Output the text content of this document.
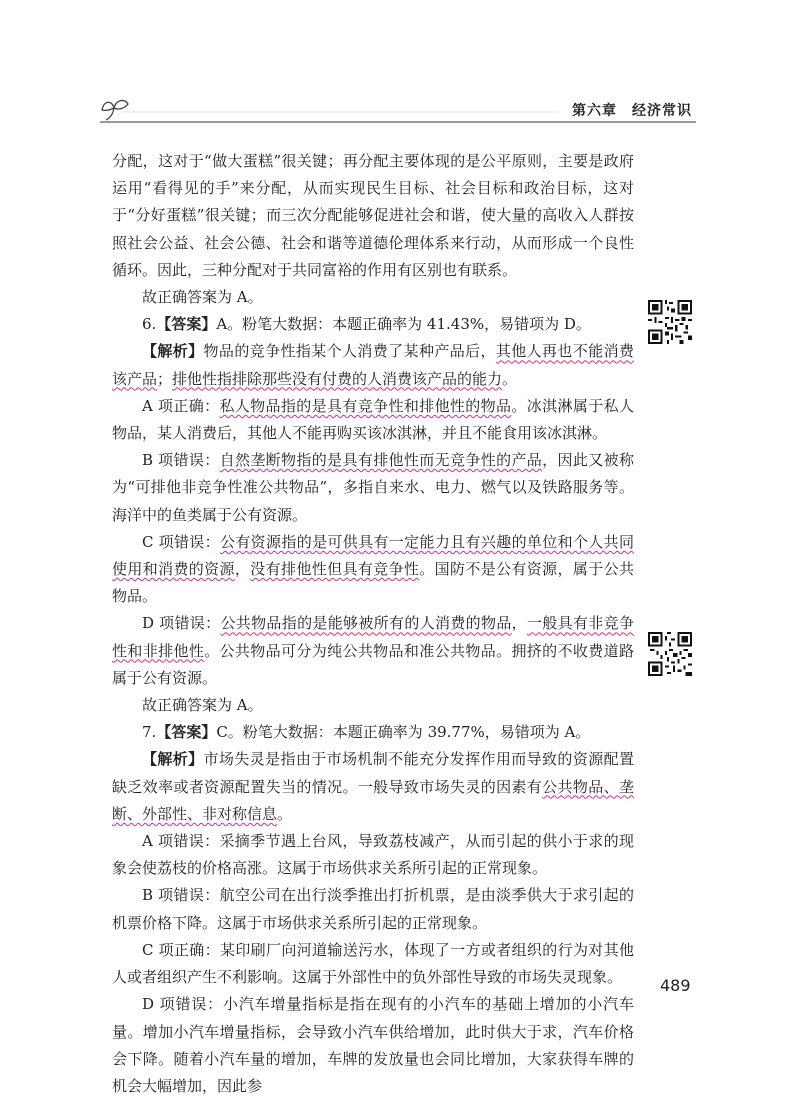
第六章　经济常识

分配，这对于“做大蛋糕”很关键；再分配主要体现的是公平原则，主要是政府运用“看得见的手”来分配，从而实现民生目标、社会目标和政治目标，这对于“分好蛋糕”很关键；而三次分配能够促进社会和谐，使大量的高收入人群按照社会公益、社会公德、社会和谐等道德伦理体系来行动，从而形成一个良性循环。因此，三种分配对于共同富裕的作用有区别也有联系。

故正确答案为 A。

6.【答案】A。粉笔大数据：本题正确率为 41.43%，易错项为 D。

【解析】物品的竞争性指某个人消费了某种产品后，其他人再也不能消费该产品；排他性指排除那些没有付费的人消费该产品的能力。

A 项正确：私人物品指的是具有竞争性和排他性的物品。冰淇淋属于私人物品，某人消费后，其他人不能再购买该冰淇淋，并且不能食用该冰淇淋。

B 项错误：自然垄断物指的是具有排他性而无竞争性的产品，因此又被称为“可排他非竞争性准公共物品”，多指自来水、电力、燃气以及铁路服务等。海洋中的鱼类属于公有资源。

C 项错误：公有资源指的是可供具有一定能力且有兴趣的单位和个人共同使用和消费的资源，没有排他性但具有竞争性。国防不是公有资源，属于公共物品。

D 项错误：公共物品指的是能够被所有的人消费的物品，一般具有非竞争性和非排他性。公共物品可分为纯公共物品和准公共物品。拥挤的不收费道路属于公有资源。

故正确答案为 A。

7.【答案】C。粉笔大数据：本题正确率为 39.77%，易错项为 A。

【解析】市场失灵是指由于市场机制不能充分发挥作用而导致的资源配置缺乏效率或者资源配置失当的情况。一般导致市场失灵的因素有公共物品、垄断、外部性、非对称信息。

A 项错误：采摘季节遇上台风，导致荔枝减产，从而引起的供小于求的现象会使荔枝的价格高涨。这属于市场供求关系所引起的正常现象。

B 项错误：航空公司在出行淡季推出打折机票，是由淡季供大于求引起的机票价格下降。这属于市场供求关系所引起的正常现象。

C 项正确：某印刷厂向河道输送污水，体现了一方或者组织的行为对其他人或者组织产生不利影响。这属于外部性中的负外部性导致的市场失灵现象。

D 项错误：小汽车增量指标是指在现有的小汽车的基础上增加的小汽车量。增加小汽车增量指标，会导致小汽车供给增加，此时供大于求，汽车价格会下降。随着小汽车量的增加，车牌的发放量也会同比增加，大家获得车牌的机会大幅增加，因此参

489
